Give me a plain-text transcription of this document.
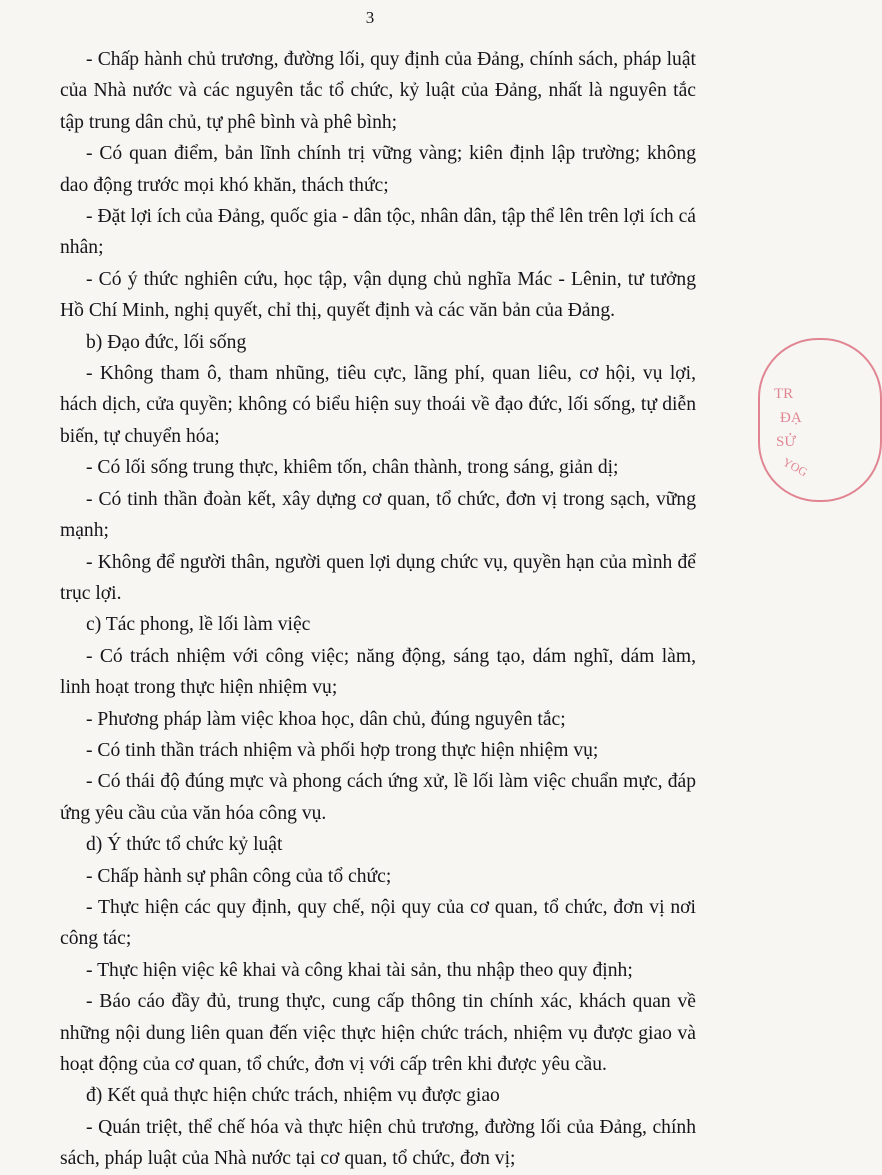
3

- Chấp hành chủ trương, đường lối, quy định của Đảng, chính sách, pháp luật của Nhà nước và các nguyên tắc tổ chức, kỷ luật của Đảng, nhất là nguyên tắc tập trung dân chủ, tự phê bình và phê bình;

- Có quan điểm, bản lĩnh chính trị vững vàng; kiên định lập trường; không dao động trước mọi khó khăn, thách thức;

- Đặt lợi ích của Đảng, quốc gia - dân tộc, nhân dân, tập thể lên trên lợi ích cá nhân;

- Có ý thức nghiên cứu, học tập, vận dụng chủ nghĩa Mác - Lênin, tư tưởng Hồ Chí Minh, nghị quyết, chỉ thị, quyết định và các văn bản của Đảng.

b) Đạo đức, lối sống

- Không tham ô, tham nhũng, tiêu cực, lãng phí, quan liêu, cơ hội, vụ lợi, hách dịch, cửa quyền; không có biểu hiện suy thoái về đạo đức, lối sống, tự diễn biến, tự chuyển hóa;

- Có lối sống trung thực, khiêm tốn, chân thành, trong sáng, giản dị;

- Có tinh thần đoàn kết, xây dựng cơ quan, tổ chức, đơn vị trong sạch, vững mạnh;

- Không để người thân, người quen lợi dụng chức vụ, quyền hạn của mình để trục lợi.

c) Tác phong, lề lối làm việc

- Có trách nhiệm với công việc; năng động, sáng tạo, dám nghĩ, dám làm, linh hoạt trong thực hiện nhiệm vụ;

- Phương pháp làm việc khoa học, dân chủ, đúng nguyên tắc;

- Có tinh thần trách nhiệm và phối hợp trong thực hiện nhiệm vụ;

- Có thái độ đúng mực và phong cách ứng xử, lề lối làm việc chuẩn mực, đáp ứng yêu cầu của văn hóa công vụ.

d) Ý thức tổ chức kỷ luật

- Chấp hành sự phân công của tổ chức;

- Thực hiện các quy định, quy chế, nội quy của cơ quan, tổ chức, đơn vị nơi công tác;

- Thực hiện việc kê khai và công khai tài sản, thu nhập theo quy định;

- Báo cáo đầy đủ, trung thực, cung cấp thông tin chính xác, khách quan về những nội dung liên quan đến việc thực hiện chức trách, nhiệm vụ được giao và hoạt động của cơ quan, tổ chức, đơn vị với cấp trên khi được yêu cầu.

đ) Kết quả thực hiện chức trách, nhiệm vụ được giao

- Quán triệt, thể chế hóa và thực hiện chủ trương, đường lối của Đảng, chính sách, pháp luật của Nhà nước tại cơ quan, tổ chức, đơn vị;

TR
ĐẠ
SỬ
YOG
